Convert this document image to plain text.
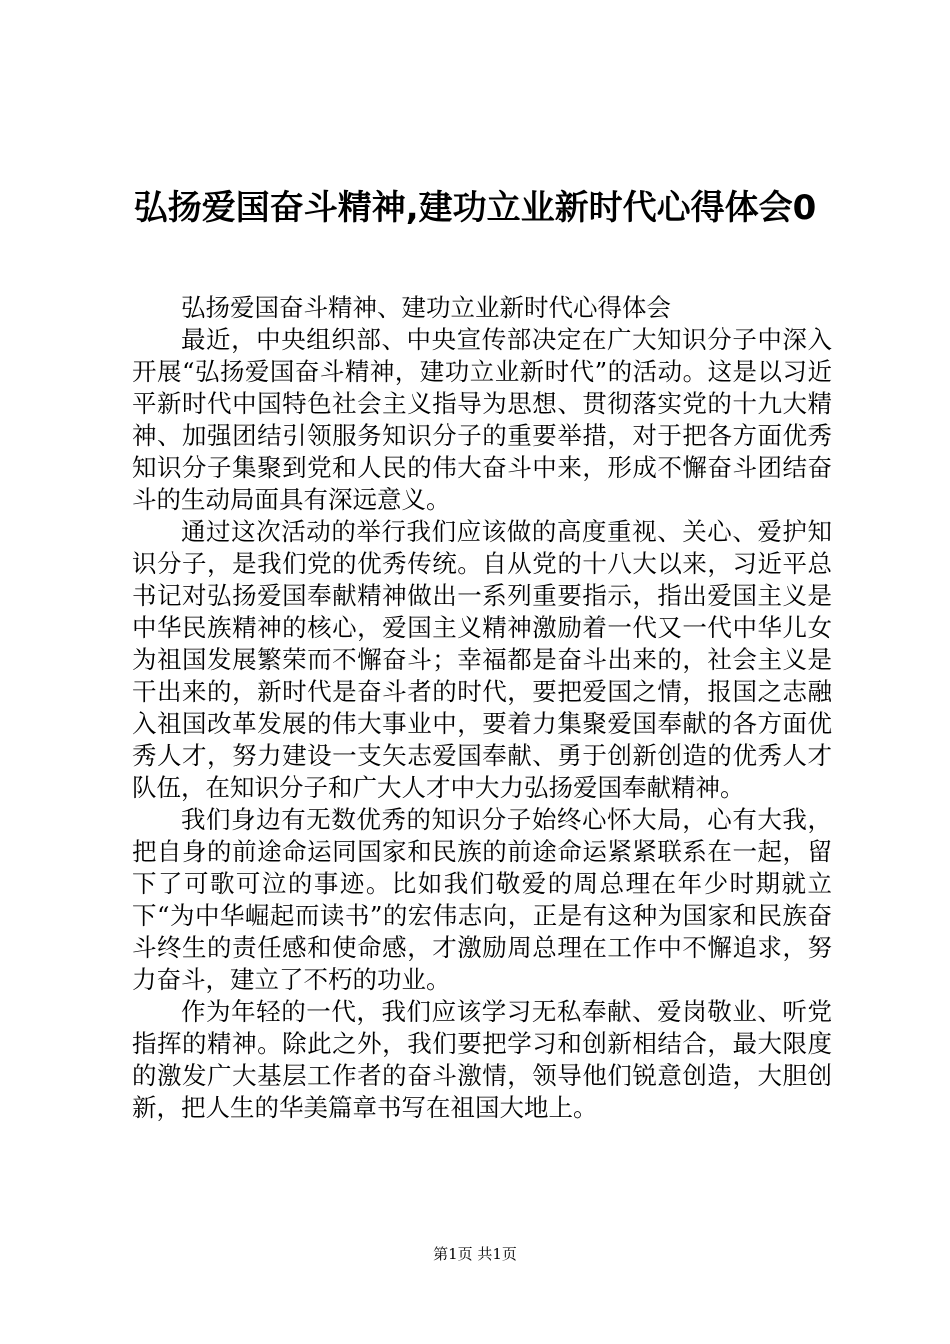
弘扬爱国奋斗精神,建功立业新时代心得体会0

弘扬爱国奋斗精神、建功立业新时代心得体会

最近，中央组织部、中央宣传部决定在广大知识分子中深入开展“弘扬爱国奋斗精神，建功立业新时代”的活动。这是以习近平新时代中国特色社会主义指导为思想、贯彻落实党的十九大精神、加强团结引领服务知识分子的重要举措，对于把各方面优秀知识分子集聚到党和人民的伟大奋斗中来，形成不懈奋斗团结奋斗的生动局面具有深远意义。

通过这次活动的举行我们应该做的高度重视、关心、爱护知识分子，是我们党的优秀传统。自从党的十八大以来，习近平总书记对弘扬爱国奉献精神做出一系列重要指示，指出爱国主义是中华民族精神的核心，爱国主义精神激励着一代又一代中华儿女为祖国发展繁荣而不懈奋斗；幸福都是奋斗出来的，社会主义是干出来的，新时代是奋斗者的时代，要把爱国之情，报国之志融入祖国改革发展的伟大事业中，要着力集聚爱国奉献的各方面优秀人才，努力建设一支矢志爱国奉献、勇于创新创造的优秀人才队伍，在知识分子和广大人才中大力弘扬爱国奉献精神。

我们身边有无数优秀的知识分子始终心怀大局，心有大我，把自身的前途命运同国家和民族的前途命运紧紧联系在一起，留下了可歌可泣的事迹。比如我们敬爱的周总理在年少时期就立下“为中华崛起而读书”的宏伟志向，正是有这种为国家和民族奋斗终生的责任感和使命感，才激励周总理在工作中不懈追求，努力奋斗，建立了不朽的功业。

作为年轻的一代，我们应该学习无私奉献、爱岗敬业、听党指挥的精神。除此之外，我们要把学习和创新相结合，最大限度的激发广大基层工作者的奋斗激情，领导他们锐意创造，大胆创新，把人生的华美篇章书写在祖国大地上。

第1页 共1页
